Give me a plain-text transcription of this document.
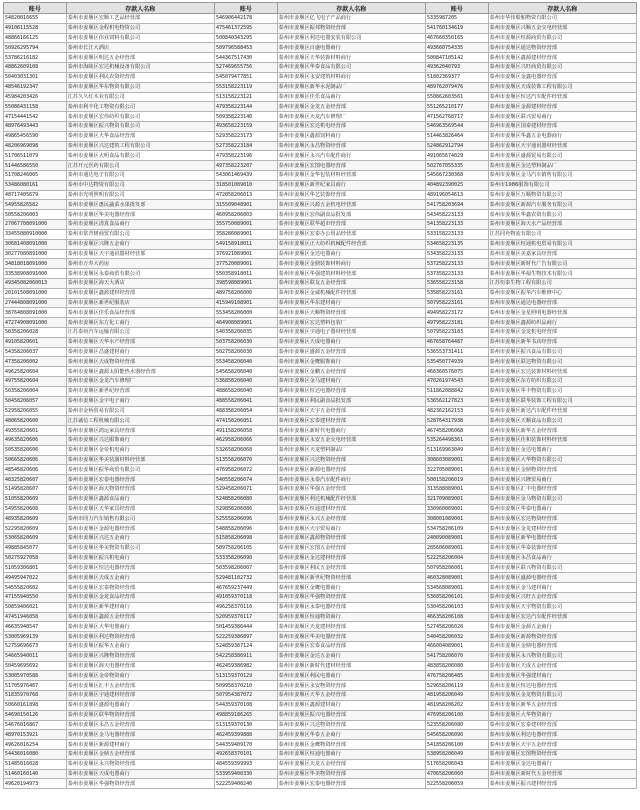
账号	存款人名称	账号	存款人名称	账号	存款人名称
54820016655	泰州市姜堰区宏顺工艺品经营部	546906442178	泰州市姜堰区亿飞电子产品商行	5335987205	泰州市华伟船舶物资有限公司
49106115528	泰州市姜堰区金程机电物资公司	475461372595	泰州市姜堰区振邦物资经营部	541760134619	泰州市姜堰区兴顺五金交电经营部
48866166125	泰州市姜堰区伟业饲料有限公司	500840343295	泰州市姜堰区利达电器安装有限公司	467660350165	泰州市姜堰区恒源商贸有限公司
50926295794	泰州市长江大酒店	509796588453	泰州市姜堰区百盛电器商行	493660754335	泰州市姜堰区通达物资经营部
53786216182	泰州市姜堰区明达五金经营部	544367517430	泰州市姜堰区天华装饰材料商行	500847105142	泰州市姜堰区鑫源建材经营部
48862609108	泰州市海陵区宏达机械设备有限公司	527469655756	泰州市姜堰区华泰食品有限公司	49362040793	泰州市姜堰区兴旺商贸有限公司
50403031301	泰州市姜堰区利民农资经营部	545079477851	泰州市姜堰区永安建筑材料商行	51802369377	泰州市姜堰区金鑫电器经营部
48546192347	泰州市姜堰区华东物资有限公司	553158223119	泰州市姜堰区新华水泥制品厂	489762079476	泰州市姜堰区天成装饰工程有限公司
45984203426	江苏久久红木业有限公司	513158223121	泰州市姜堰区佳乐食品商行	550862603561	泰州市姜堰区恒达汽车配件经营部
55086431158	泰州市利丰化工物资有限公司	479358223144	泰州市姜堰区金龙五金经营部	551265210177	泰州市姜堰区金源建材经营部
47154441542	泰州市姜堰区宏伟纺织有限公司	509358223140	泰州市姜堰区天龙汽车修理厂	471562768717	泰州市姜堰区联兴贸易商行
48976493443	泰州市姜堰区振兴物资有限公司	493658223159	泰州市姜堰区宏达机电经营部	546963569544	泰州市姜堰区国泰建材经营部
49865456590	泰州市姜堰区大华食品经营部	529358223173	泰州市姜堰区鑫源饲料商行	514463826464	泰州市姜堰区华鑫五金电器商行
48206969098	泰州市姜堰区兴达建筑工程有限公司	527358223184	泰州市姜堰区永昌物资经营部	524862912794	泰州市姜堰区天宇通讯器材经营部
51706511079	泰州市姜堰区大明食品有限公司	479358223196	泰州市姜堰区永兴汽车配件商行	491065674029	泰州市姜堰区盛源贸易有限公司
51446586550	江苏开元医药有限公司	497358223207	泰州市姜堰区宏图电器经营部	502767055335	泰州市姜堰区金达塑料制品厂
51708246005	泰州市通达电子有限公司	543061469439	泰州市姜堰区金华包装材料经营部	545667230368	泰州市姜堰区金马汽车销售有限公司
53486080161	泰州市中达物资有限公司	318501089010	泰州市姜堰区新世纪家具商行	404892390025	泰州市1986服饰有限公司
48717405679	泰州市光明照明有限公司	472058206013	泰州市姜堰区华艺装饰经营部	489196054613	泰州市姜堰区万顺物资有限公司
54955826582	泰州市姜堰区惠民蔬菜水果批发部	315509048901	泰州市姜堰区兴源五金机电经营部	541758203694	泰州市姜堰区新源汽车服务有限公司
50558206003	泰州市姜堰区华美电器经营部	460958206003	泰州市姜堰区宏伟副食品批发部	543458223133	泰州市姜堰区华鑫农资有限公司
27067708091000	泰州市姜堰区清真食品商行	355750089001	泰州市姜堰区联华超市经营部	541358223133	泰州市姜堰区海天水产品经营部
33455080910000	泰州市常青树商贸有限公司	358286089001	泰州市姜堰区宏泰办公用品经营部	533158223133	江苏同舟物流有限公司
30681408091000	泰州市姜堰区兴隆五金商行	549158918011	泰州市姜堰区正大纺织机械配件经营部	534658223135	泰州市姜堰区恒通机电贸易有限公司
30277080891000	泰州市姜堰区天宇通讯器材经营部	376921089001	泰州市姜堰区金达电器商行	534358223133	泰州市姜堰区美嘉家具经营部
34818018091000	泰州市万寿大药房	377520089001	泰州市姜堰区金鼎装饰材料商行	537258223133	泰州市姜堰区新时代广告有限公司
33538908091000	泰州市姜堰区永泰商贸有限公司	550358918011	泰州市姜堰区华强建筑材料经营部	537358223133	泰州市姜堰区华福生物技术有限公司
49345082060013	泰州市姜堰区海天大酒店	398598089001	泰州市姜堰区联友五金经营部	536558223158	江苏恒泰生物工程有限公司
20101508091000	泰州市姜堰区鑫源建材经营部	489758206000	泰州市姜堰区金诚机械配件经营部	535858223161	泰州市姜堰区振华汽车维修中心
27444808091000	泰州市姜堰区新世纪服装店	415949108901	泰州市姜堰区华东建材商行	507958223161	泰州市姜堰区通达电器经营部
38764808091000	泰州市姜堰区佳乐食品经营部	553458206000	泰州市姜堰区天顺物资经营部	494958223172	泰州市姜堰区金星照明电器经营部
47274908091000	泰州市姜堰区东方化工商行	464908089001	泰州市姜堰区宏达塑料包装厂	497958223181	泰州市姜堰区鑫源纺织品商行
50358206028	江苏泰州汽车运输有限公司	540358206035	泰州市姜堰区宇通电子器材经营部	507958223183	泰州市姜堰区金龙机电经营部
49105820601	泰州市姜堰区天华水产经营部	503758206030	泰州市姜堰区天成电器商行	467658764487	泰州市姜堰区新华书店经营部
54358206037	泰州市姜堰区昌盛建材商行	502758206030	泰州市姜堰区盛源五金经营部	536553731411	泰州市姜堰区振兴食品有限公司
47358206002	泰州市姜堰区天成物资经营部	553458206040	泰州市姜堰区金鹰服饰商行	535450774939	泰州市姜堰区联达物资有限公司
49625820604	泰州市姜堰区鑫源太阳能热水器经营部	545658206040	泰州市姜堰区金鹏五金经营部	466360576075	泰州市姜堰区宏达装饰材料经营部
49755820604	泰州市姜堰区金龙汽车修理厂	536858206040	泰州市姜堰区金马建材商行	470261974543	泰州市姜堰区东方纺织有限公司
50358206004	泰州市姜堰区新世纪经营部	488658206040	泰州市姜堰区恒达电器经营部	511862088842	泰州市姜堰区华丰物资有限公司
50458206057	泰州市姜堰区金宇电子商行	488558206041	泰州市姜堰区利民副食品批发部	536562127823	泰州市姜堰区联华装饰工程有限公司
52958206055	泰州市金桥贸易有限公司	488358206054	泰州市姜堰区天宇五金经营部	482362162153	泰州市姜堰区新达汽车配件经营部
48065820600	江苏诚信工程机械有限公司	474158206051	泰州市姜堰区宏泰建材经营部	528764317938	泰州市姜堰区天顺食品有限公司
49355820601	泰州市姜堰区鸿运家具经营部	491158206058	泰州市姜堰区新时代电器商行	467458206068	泰州市姜堰区新华五金经营部
49635820606	泰州市姜堰区兴达服饰商行	462958206066	泰州市姜堰区永安五金交电经营部	535264498361	泰州市姜堰区佳和装饰材料经营部
50535820606	泰州市姜堰区金帝机电商行	532658206068	泰州市姜堰区天龙塑料制品厂	513169963049	泰州市姜堰区金达电器商行
50665820606	泰州市姜堰区华美装潢材料经营部	513558206070	泰州市姜堰区兴达物资经营部	308603089001	泰州市姜堰区大华物资有限公司
48545820606	泰州市姜堰区振华商贸有限公司	476958206072	泰州市姜堰区新源电器经营部	322705089001	泰州市姜堰区金鼎物资经营部
48325820607	泰州市姜堰区宏泰电器经营部	540558206074	泰州市姜堰区永泰汽车配件商行	500158206019	泰州市姜堰区兴隆贸易商行
51495820607	泰州市姜堰区海天物资经营部	529458206071	泰州市姜堰区华强五金经营部	313588089001	泰州市姜堰区汇丰电器经营部
51055820609	泰州市姜堰区鑫源食品商行	524858206080	泰州市姜堰区利达机械配件经营部	321709089001	泰州市姜堰区金马物资有限公司
54955820608	泰州市姜堰区天华家具经营部	529858206086	泰州市姜堰区恒通建材经营部	330960089001	泰州市姜堰区华泰电器商行
48935820609	泰州市同力汽车销售有限公司	525558206096	泰州市姜堰区永兴五金经营部	308001089001	泰州市姜堰区宏达物资经营部
52295820609	泰州市姜堰区金源电器经营部	548858206096	泰州市姜堰区天宇贸易商行	534758206109	泰州市姜堰区金龙建材经营部
53065820609	泰州市姜堰区兴达五金商行	515858206098	泰州市姜堰区鑫源物资经营部	240090089001	泰州市姜堰区新华电器经营部
49885845077	泰州市姜堰区华美物资有限公司	509758206105	泰州市姜堰区宏图五金经营部	285606089001	泰州市姜堰区华泰装饰经营部
50275927058	泰州市姜堰区振兴机电商行	533358206090	泰州市姜堰区金达建材经营部	522258206004	泰州市姜堰区永昌食品商行
51059306801	泰州市姜堰区恒达电器经营部	503598206007	泰州市姜堰区利民五金经营部	507958206001	泰州市姜堰区联兴物资有限公司
49495947022	泰州市姜堰区天成五金商行	529481102732	泰州市姜堰区新世纪物资经营部	460328089001	泰州市姜堰区盛源电器经营部
54555820602	泰州市姜堰区宏泰物资经营部	467659237449	泰州市姜堰区金鹰电器商行	534568089001	泰州市姜堰区金马建材商行
47155940550	泰州市姜堰区金龙食品经营部	491059370118	泰州市姜堰区华强物资经营部	536858206101	泰州市姜堰区兴旺五金经营部
50859406021	泰州市姜堰区新华建材商行	496258370116	泰州市姜堰区永泰电器经营部	530458206103	泰州市姜堰区天宇物资有限公司
47451946058	泰州市姜堰区鑫源五金经营部	520959370117	泰州市姜堰区恒通物资商行	466358206108	泰州市姜堰区宏达汽车配件经营部
46635940547	泰州市姜堰区大华电器商行	501459386444	泰州市姜堰区天龙建材经营部	527458206020	泰州市姜堰区金源五金商行
53005969139	泰州市姜堰区利达物资经营部	522259386897	泰州市姜堰区华美电器经营部	540458206032	泰州市姜堰区新源物资经营部
52759696673	泰州市姜堰区振华五金商行	524859387124	泰州市姜堰区宏泰食品经营部	466004089001	泰州市姜堰区金鼎电器经营部
54665940011	泰州市姜堰区兴隆物资经营部	542258386911	泰州市姜堰区金达五金商行	541758206070	泰州市姜堰区永兴物资有限公司
50459695692	泰州市姜堰区海天电器经营部	462459386982	泰州市姜堰区新时代建材经营部	483858206080	泰州市姜堰区天成五金经营部
53005970588	泰州市姜堰区金帝物资商行	513159370129	泰州市姜堰区利民电器商行	476758206485	泰州市姜堰区华强建材商行
51705976467	泰州市姜堰区汇丰五金经营部	509958370210	泰州市姜堰区永安物资经营部	529658206119	泰州市姜堰区恒达电器经营部
51835970768	泰州市姜堰区宇通建材经营部	507954387072	泰州市姜堰区天华五金经营部	481958206049	泰州市姜堰区金龙物资有限公司
50660161898	泰州市姜堰区盛源电器商行	544359370108	泰州市姜堰区鑫源建材商行	481958206202	泰州市姜堰区新华五金经营部
54690150126	泰州市姜堰区联华物资经营部	498859186265	泰州市姜堰区振兴电器经营部	476958206100	泰州市姜堰区大华物资商行
54676016867	泰州市姜堰区永昌五金经营部	513159370130	泰州市姜堰区兴达物资经营部	523558206080	泰州市姜堰区宏泰建材经营部
48970153921	泰州市姜堰区金马电器经营部	462459399888	泰州市姜堰区华泰五金商行	545658206090	泰州市姜堰区利达电器经营部
49626016254	泰州市姜堰区新源建材商行	544359409170	泰州市姜堰区金鹰物资经营部	541858206100	泰州市姜堰区天宇五金经营部
54436016080	泰州市姜堰区金鼎五金经营部	492658370101	泰州市姜堰区恒通电器商行	538958206049	泰州市姜堰区宏图物资经营部
51485016028	泰州市姜堰区永兴物资经营部	484559399993	泰州市姜堰区天龙五金经营部	517658206043	泰州市姜堰区金达电器商行
51460160140	泰州市姜堰区天成电器商行	533959400330	泰州市姜堰区华美物资经营部	470658206060	泰州市姜堰区新时代五金经营部
49620194973	泰州市姜堰区华强物资经营部	522259400240	泰州市姜堰区宏泰电器经营部	522558206059	泰州市姜堰区振兴建材经营部
